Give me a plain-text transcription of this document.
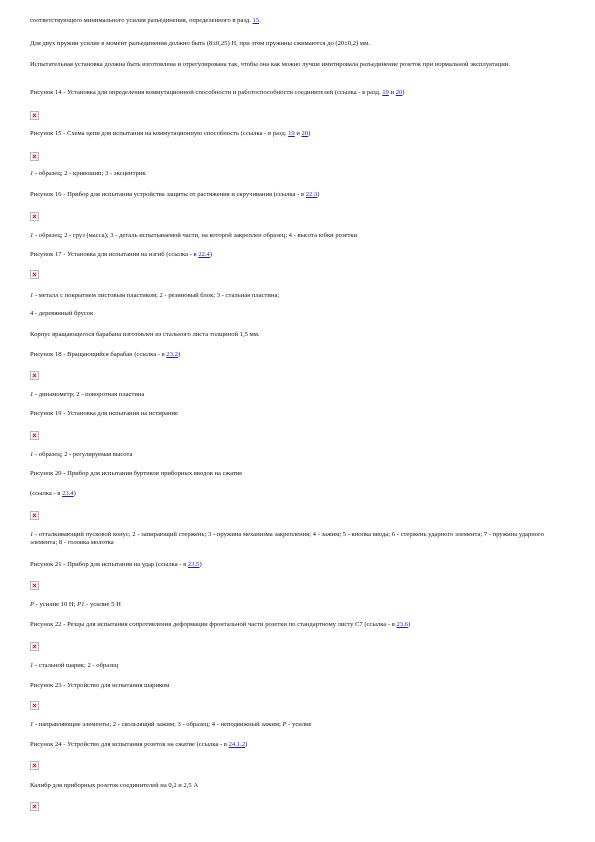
соответствующего минимального усилия разъединения, определенного в разд. 15.
Для двух пружин усилие в момент разъединения должно быть (8±0,25) Н, при этом пружины сжимаются до (20±0,2) мм.
Испытательная установка должна быть изготовлена и отрегулирована так, чтобы она как можно лучше имитировала разъединение розеток при нормальной эксплуатации.
Рисунок 14 - Установка для определения коммутационной способности и работоспособности соединителей (ссылка - в разд. 19 и 20)
Рисунок 15 - Схема цепи для испытания на коммутационную способность (ссылка - в разд. 19 и 20)
1 - образец; 2 - кривошип; 3 - эксцентрик
Рисунок 16 - Прибор для испытания устройства защиты от растяжения и скручивания (ссылка - в 22.3)
1 - образец; 2 - груз (масса); 3 - деталь испытываемой части, на которой закреплен образец; 4 - высота юбки розетки
Рисунок 17 - Установка для испытания на изгиб (ссылка - в 22.4)
1 - металл с покрытием листовым пластиком; 2 - резиновый блок; 3 - стальная пластина;
4 - деревянный брусок
Корпус вращающегося барабана изготовлен из стального листа толщиной 1,5 мм.
Рисунок 18 - Вращающийся барабан (ссылка - в 23.2)
1 - динамометр; 2 - поворотная пластина
Рисунок 19 - Установка для испытания на истирание
1 - образец; 2 - регулируемая высота
Рисунок 20 - Прибор для испытания буртиков приборных вводов на сжатие
(ссылка - в 23.4)
1 - отталкивающий пусковой конус; 2 - запирающий стержень; 3 - пружина механизма закрепления; 4 - зажим; 5 - кнопка ввода; 6 - стержень ударного элемента; 7 - пружина ударного элемента; 8 - головка молотка
Рисунок 21 - Прибор для испытания на удар (ссылка - в 23.5)
Р - усилие 10 Н; Р1 - усилие 5 Н
Рисунок 22 - Резцы для испытания сопротивления деформации фронтальной части розетки по стандартному листу С7 (ссылка - в 23.6)
1 - стальной шарик; 2 - образец
Рисунок 23 - Устройство для испытания шариком
1 - направляющие элементы; 2 - скользящий зажим; 3 - образец; 4 - неподвижный зажим; Р - усилие
Рисунок 24 - Устройство для испытания розеток на сжатие (ссылка - в 24.1.2)
Калибр для приборных розеток соединителей на 0,2 и 2,5 А
